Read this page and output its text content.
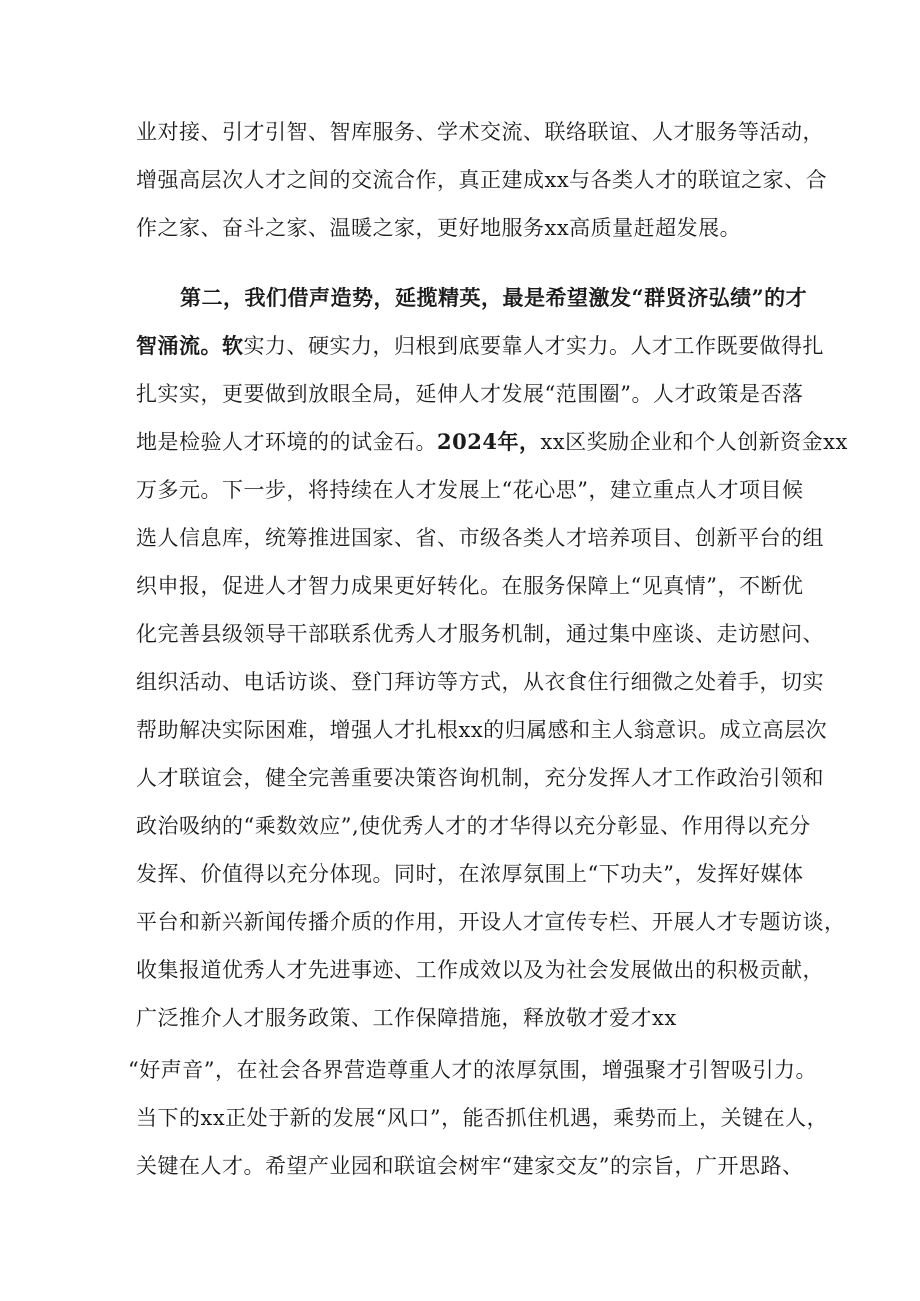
业对接、引才引智、智库服务、学术交流、联络联谊、人才服务等活动，
增强高层次人才之间的交流合作，真正建成xx与各类人才的联谊之家、合
作之家、奋斗之家、温暖之家，更好地服务xx高质量赶超发展。
第二，我们借声造势，延揽精英，最是希望激发“群贤济弘绩”的才
智涌流。软实力、硬实力，归根到底要靠人才实力。人才工作既要做得扎
扎实实，更要做到放眼全局，延伸人才发展“范围圈”。人才政策是否落
地是检验人才环境的的试金石。2024年，xx区奖励企业和个人创新资金xx
万多元。下一步，将持续在人才发展上“花心思”，建立重点人才项目候
选人信息库，统筹推进国家、省、市级各类人才培养项目、创新平台的组
织申报，促进人才智力成果更好转化。在服务保障上“见真情”，不断优
化完善县级领导干部联系优秀人才服务机制，通过集中座谈、走访慰问、
组织活动、电话访谈、登门拜访等方式，从衣食住行细微之处着手，切实
帮助解决实际困难，增强人才扎根xx的归属感和主人翁意识。成立高层次
人才联谊会，健全完善重要决策咨询机制，充分发挥人才工作政治引领和
政治吸纳的“乘数效应”,使优秀人才的才华得以充分彰显、作用得以充分
发挥、价值得以充分体现。同时，在浓厚氛围上“下功夫”，发挥好媒体
平台和新兴新闻传播介质的作用，开设人才宣传专栏、开展人才专题访谈，
收集报道优秀人才先进事迹、工作成效以及为社会发展做出的积极贡献，
广泛推介人才服务政策、工作保障措施，释放敬才爱才xx
“好声音”，在社会各界营造尊重人才的浓厚氛围，增强聚才引智吸引力。
当下的xx正处于新的发展“风口”，能否抓住机遇，乘势而上，关键在人，
关键在人才。希望产业园和联谊会树牢“建家交友”的宗旨，广开思路、
